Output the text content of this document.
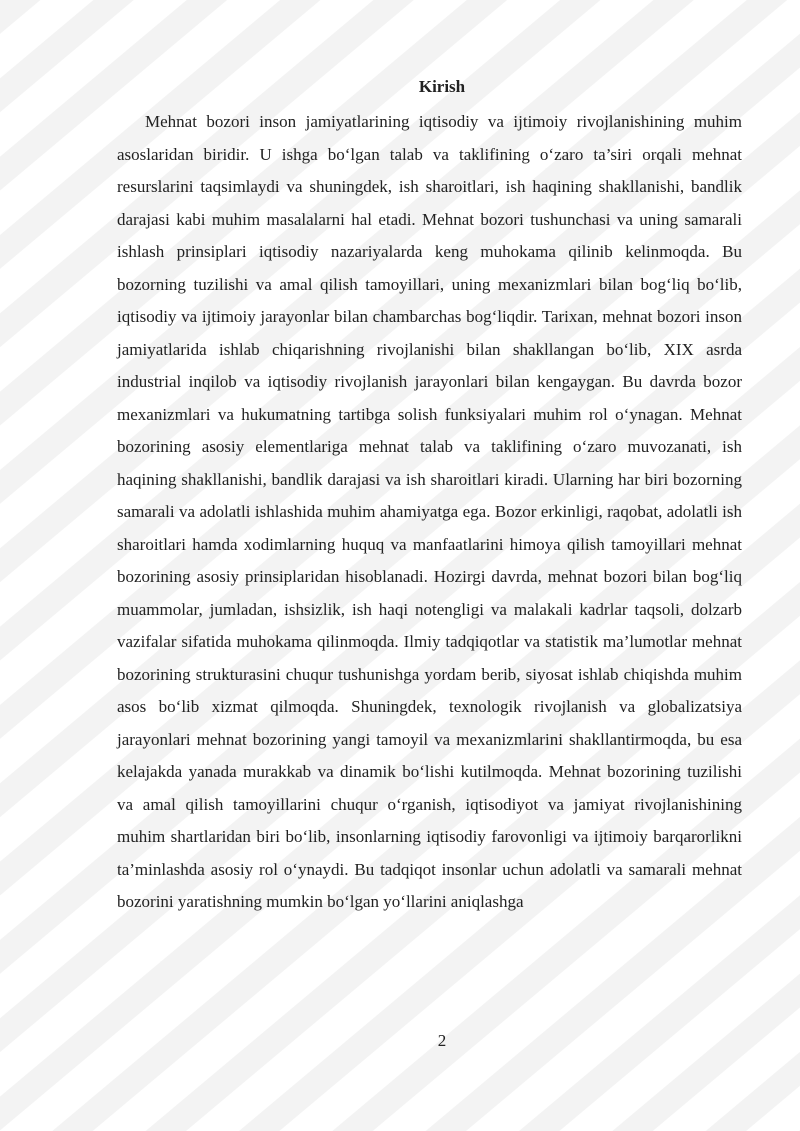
Kirish

Mehnat bozori inson jamiyatlarining iqtisodiy va ijtimoiy rivojlanishining muhim asoslaridan biridir. U ishga bo‘lgan talab va taklifining o‘zaro ta’siri orqali mehnat resurslarini taqsimlaydi va shuningdek, ish sharoitlari, ish haqining shakllanishi, bandlik darajasi kabi muhim masalalarni hal etadi. Mehnat bozori tushunchasi va uning samarali ishlash prinsiplari iqtisodiy nazariyalarda keng muhokama qilinib kelinmoqda. Bu bozorning tuzilishi va amal qilish tamoyillari, uning mexanizmlari bilan bog‘liq bo‘lib, iqtisodiy va ijtimoiy jarayonlar bilan chambarchas bog‘liqdir. Tarixan, mehnat bozori inson jamiyatlarida ishlab chiqarishning rivojlanishi bilan shakllangan bo‘lib, XIX asrda industrial inqilob va iqtisodiy rivojlanish jarayonlari bilan kengaygan. Bu davrda bozor mexanizmlari va hukumatning tartibga solish funksiyalari muhim rol o‘ynagan. Mehnat bozorining asosiy elementlariga mehnat talab va taklifining o‘zaro muvozanati, ish haqining shakllanishi, bandlik darajasi va ish sharoitlari kiradi. Ularning har biri bozorning samarali va adolatli ishlashida muhim ahamiyatga ega. Bozor erkinligi, raqobat, adolatli ish sharoitlari hamda xodimlarning huquq va manfaatlarini himoya qilish tamoyillari mehnat bozorining asosiy prinsiplaridan hisoblanadi. Hozirgi davrda, mehnat bozori bilan bog‘liq muammolar, jumladan, ishsizlik, ish haqi notengligi va malakali kadrlar taqsoli, dolzarb vazifalar sifatida muhokama qilinmoqda. Ilmiy tadqiqotlar va statistik ma’lumotlar mehnat bozorining strukturasini chuqur tushunishga yordam berib, siyosat ishlab chiqishda muhim asos bo‘lib xizmat qilmoqda. Shuningdek, texnologik rivojlanish va globalizatsiya jarayonlari mehnat bozorining yangi tamoyil va mexanizmlarini shakllantirmoqda, bu esa kelajakda yanada murakkab va dinamik bo‘lishi kutilmoqda. Mehnat bozorining tuzilishi va amal qilish tamoyillarini chuqur o‘rganish, iqtisodiyot va jamiyat rivojlanishining muhim shartlaridan biri bo‘lib, insonlarning iqtisodiy farovonligi va ijtimoiy barqarorlikni ta’minlashda asosiy rol o‘ynaydi. Bu tadqiqot insonlar uchun adolatli va samarali mehnat bozorini yaratishning mumkin bo‘lgan yo‘llarini aniqlashga

2
